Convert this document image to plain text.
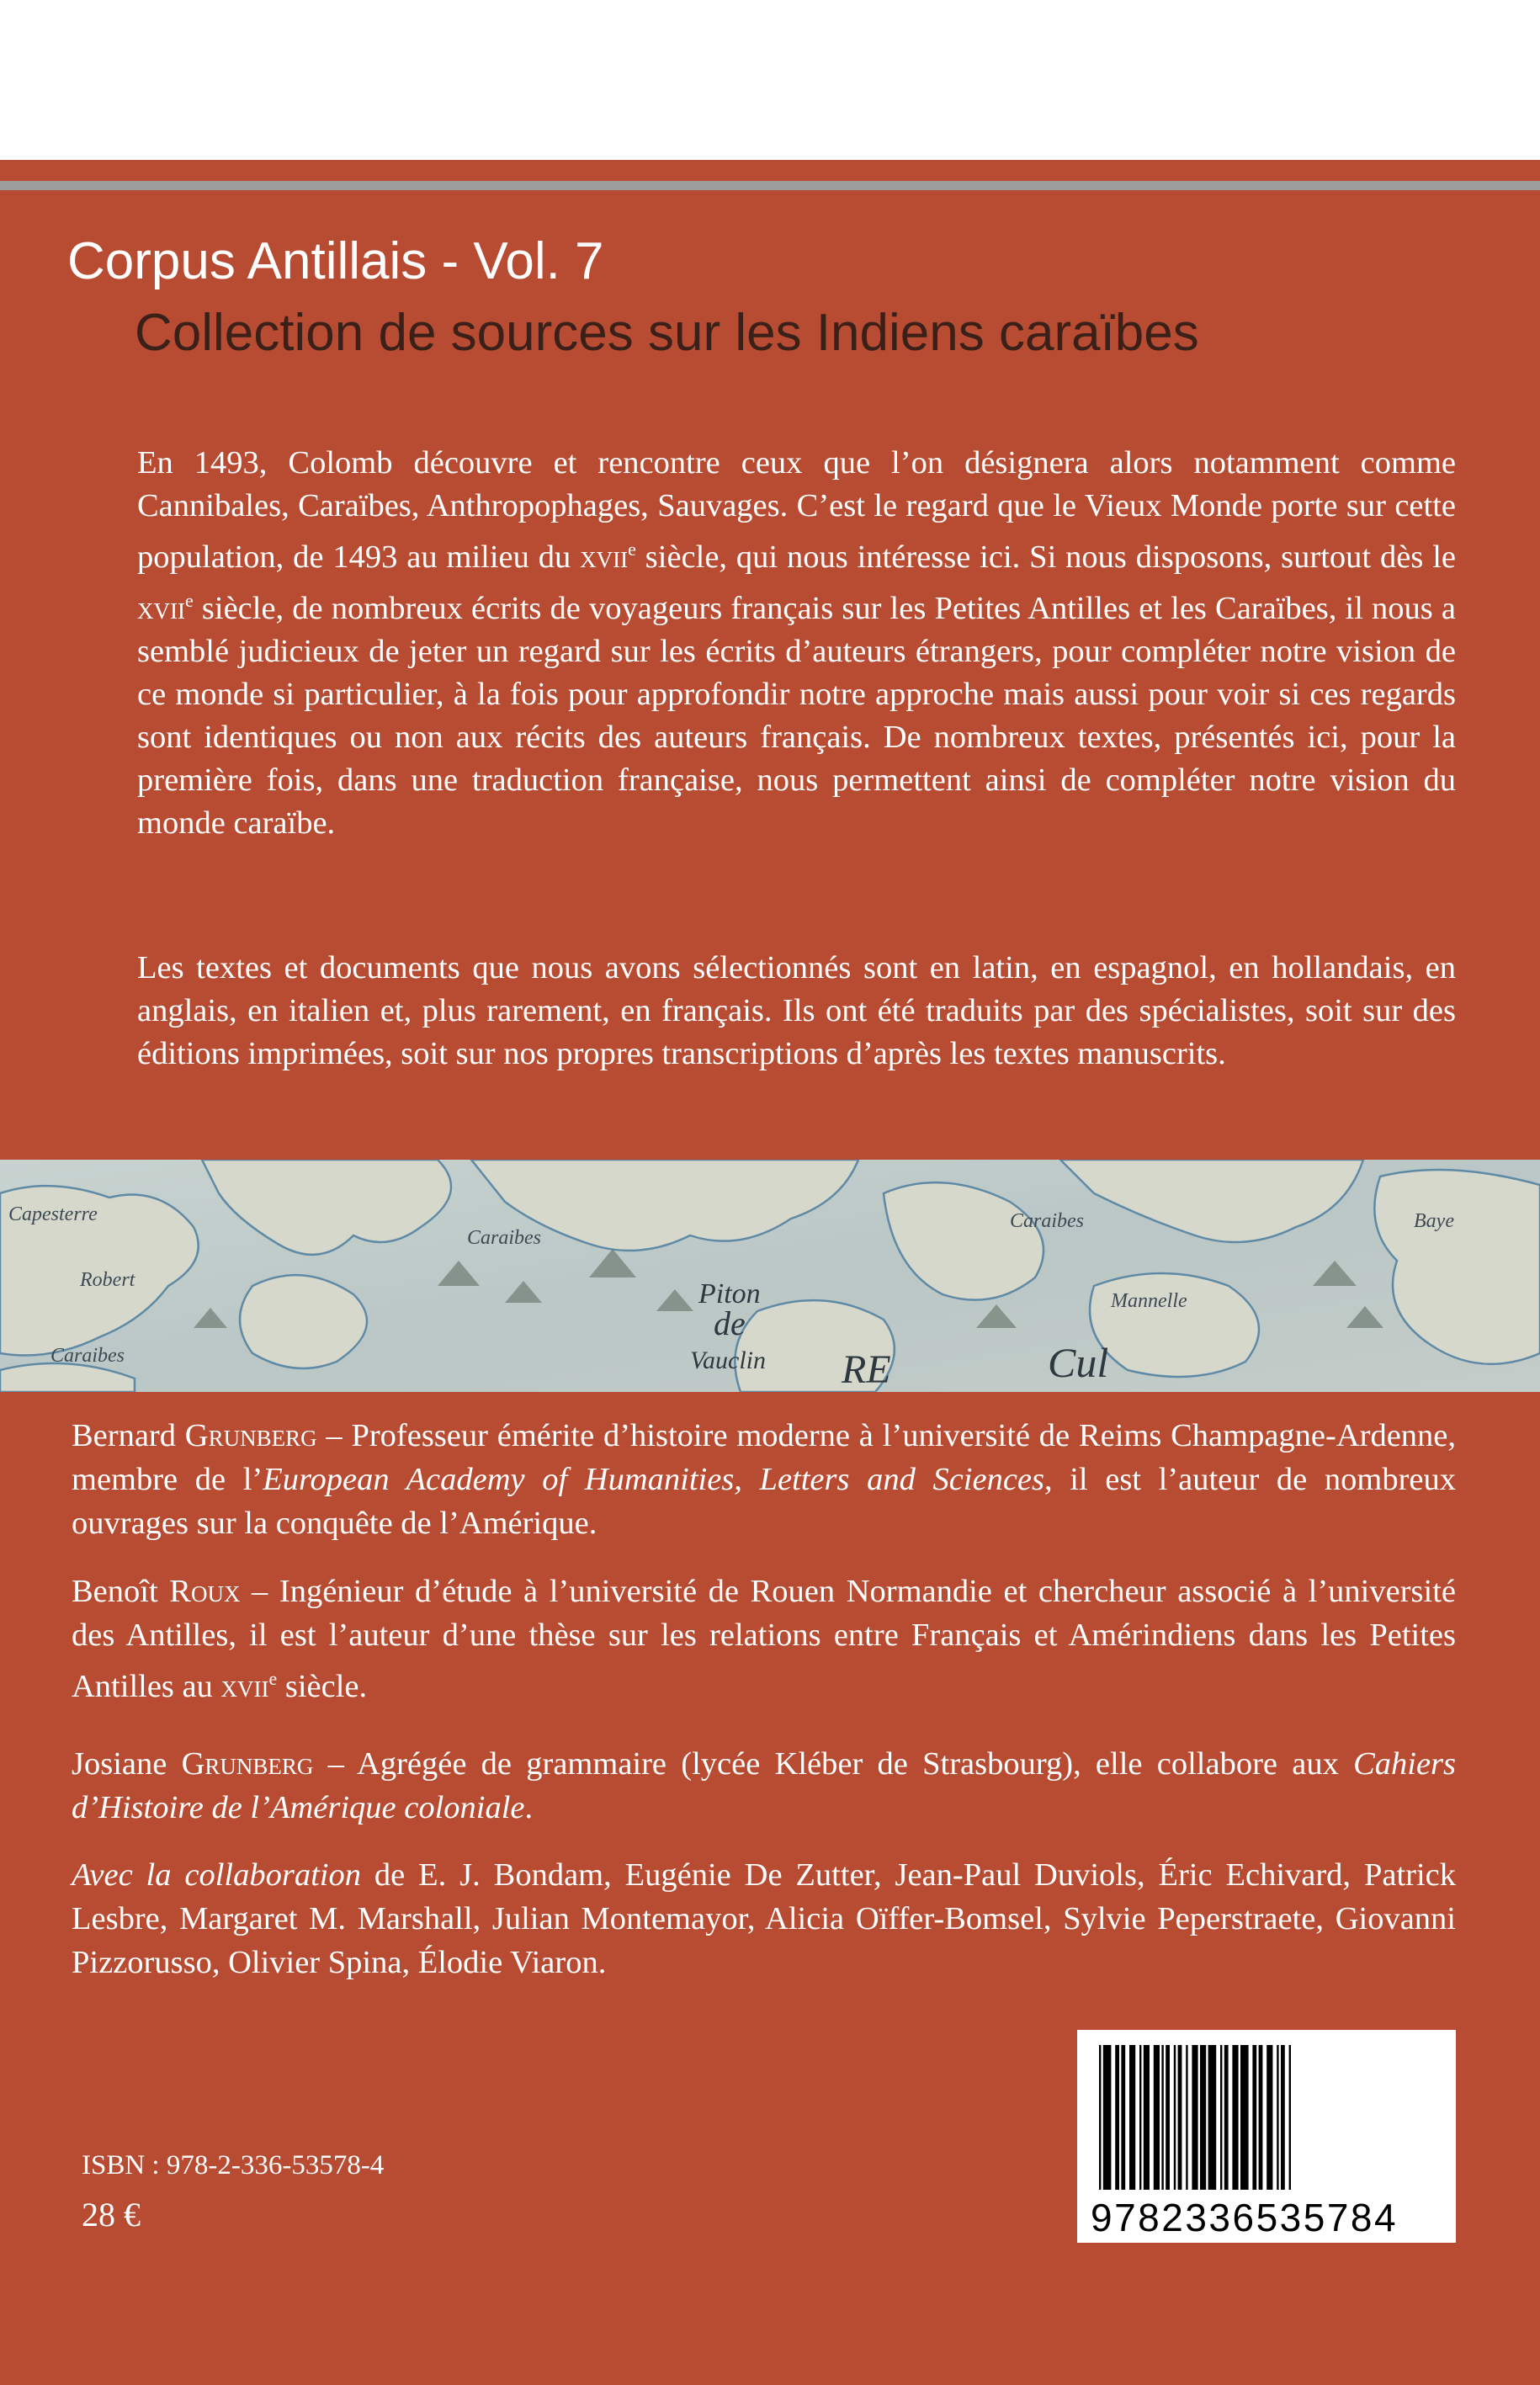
Corpus Antillais - Vol. 7
Collection de sources sur les Indiens caraïbes

En 1493, Colomb découvre et rencontre ceux que l’on désignera alors notamment comme Cannibales, Caraïbes, Anthropophages, Sauvages. C’est le regard que le Vieux Monde porte sur cette population, de 1493 au milieu du xvii$^e$ siècle, qui nous intéresse ici. Si nous disposons, surtout dès le xvii$^e$ siècle, de nombreux écrits de voyageurs français sur les Petites Antilles et les Caraïbes, il nous a semblé judicieux de jeter un regard sur les écrits d’auteurs étrangers, pour compléter notre vision de ce monde si particulier, à la fois pour approfondir notre approche mais aussi pour voir si ces regards sont identiques ou non aux récits des auteurs français. De nombreux textes, présentés ici, pour la première fois, dans une traduction française, nous permettent ainsi de compléter notre vision du monde caraïbe.

Les textes et documents que nous avons sélectionnés sont en latin, en espagnol, en hollandais, en anglais, en italien et, plus rarement, en français. Ils ont été traduits par des spécialistes, soit sur des éditions imprimées, soit sur nos propres transcriptions d’après les textes manuscrits.

Capesterre
Caraibes
Caraibes
Robert
Baye
Mannelle
Caraibes
Piton
de
Vauclin RE	Cul

Bernard Grunberg – Professeur émérite d’histoire moderne à l’université de Reims Champagne-Ardenne, membre de l’European Academy of Humanities, Letters and Sciences, il est l’auteur de nombreux ouvrages sur la conquête de l’Amérique.

Benoît Roux – Ingénieur d’étude à l’université de Rouen Normandie et chercheur associé à l’université des Antilles, il est l’auteur d’une thèse sur les relations entre Français et Amérindiens dans les Petites Antilles au xvii$^e$ siècle.

Josiane Grunberg – Agrégée de grammaire (lycée Kléber de Strasbourg), elle collabore aux Cahiers d’Histoire de l’Amérique coloniale.

Avec la collaboration de E. J. Bondam, Eugénie De Zutter, Jean-Paul Duviols, Éric Echivard, Patrick Lesbre, Margaret M. Marshall, Julian Montemayor, Alicia Oïffer-Bomsel, Sylvie Peperstraete, Giovanni Pizzorusso, Olivier Spina, Élodie Viaron.

ISBN : 978-2-336-53578-4
28 €	9782336535784
